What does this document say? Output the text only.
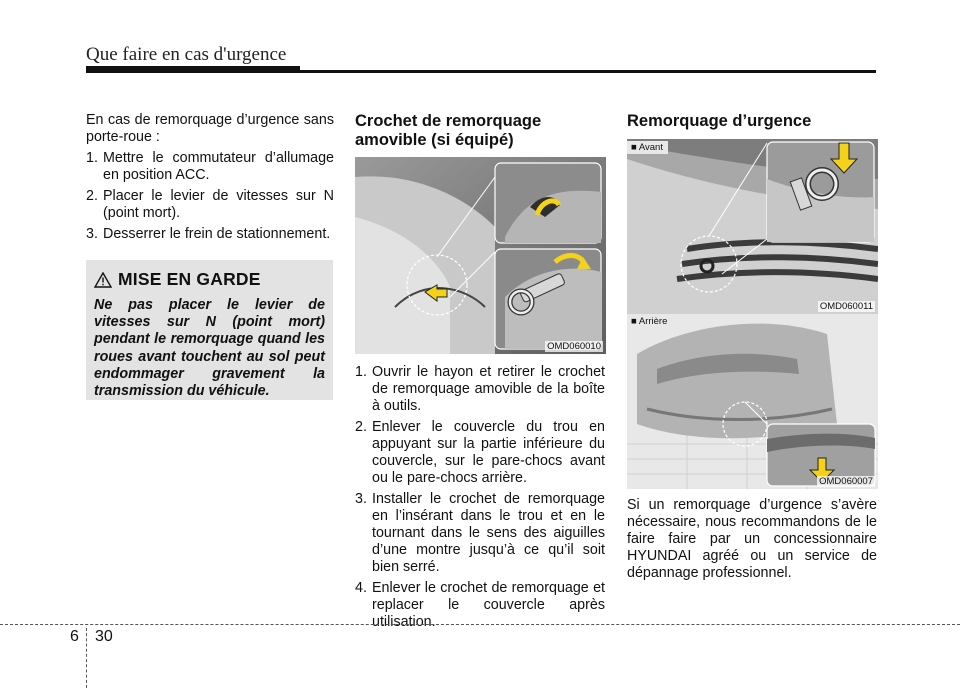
Que faire en cas d'urgence

En cas de remorquage d’urgence sans porte-roue :

1. Mettre le commutateur d’allumage en position ACC.
2. Placer le levier de vitesses sur N (point mort).
3. Desserrer le frein de stationnement.
MISE EN GARDE
Ne pas placer le levier de vitesses sur N (point mort) pendant le remorquage quand les roues avant touchent au sol peut endommager gravement la transmission du véhicule.
Crochet de remorquage amovible (si équipé)
OMD060010
1. Ouvrir le hayon et retirer le crochet de remorquage amovible de la boîte à outils.
2. Enlever le couvercle du trou en appuyant sur la partie inférieure du couvercle, sur le pare-chocs avant ou le pare-chocs arrière.
3. Installer le crochet de remorquage en l’insérant dans le trou et en le tournant dans le sens des aiguilles d’une montre jusqu’à ce qu’il soit bien serré.
4. Enlever le crochet de remorquage et replacer le couvercle après utilisation.
Remorquage d’urgence
■ Avant
OMD060011
■ Arrière
OMD060007

Si un remorquage d’urgence s’avère nécessaire, nous recommandons de le faire faire par un concessionnaire HYUNDAI agréé ou un service de dépannage professionnel.

6 30
